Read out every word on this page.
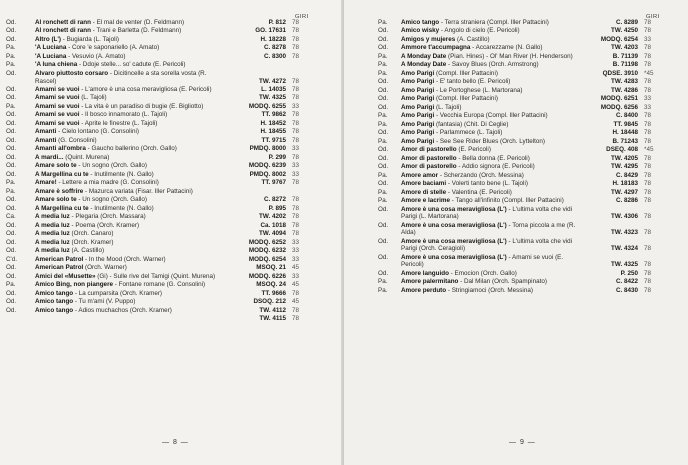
GIRI
Od.	Al ronchett di rann - El mal de venter (D. Feldmann)	P. 812 78
Od.	Al ronchett di rann - Trani e Barletta (D. Feldmann)	GO. 17631 78
Od.	Altro (L') - Bugiarda (L. Tajoli)	H. 18228 78
Pa.	'A Luciana - Core 'e saponariello (A. Amato)	C. 8278 78
Pa.	'A Luciana - Vesuvio (A. Amato)	C. 8300 78
Pa.	'A luna chiena - Ddoje stelle... so' cadute (E. Pericoli)
Od.	Alvaro piuttosto corsaro - Dicitincelle a sta sorella vosta (R. Rascel)	TW. 4272 78
Od.	Amami se vuoi - L'amore è una cosa meravigliosa (E. Pericoli)	L. 14035 78
Od.	Amami se vuoi (L. Tajoli)	TW. 4325 78
Pa.	Amami se vuoi - La vita è un paradiso di bugie (E. Bigliotto)	MODQ. 6255 33
Od.	Amami se vuoi - Il bosco innamorato (L. Tajoli)	TT. 9862 78
Od.	Amami se vuoi - Aprite le finestre (L. Tajoli)	H. 18452 78
Od.	Amanti - Cielo lontano (G. Consolini)	H. 18455 78
Od.	Amanti (G. Consolini)	TT. 9715 78
Od.	Amanti all'ombra - Gaucho ballerino (Orch. Gallo)	PMDQ. 8000 33
Od.	A mardi... (Quint. Murena)	P. 299 78
Od.	Amare solo te - Un sogno (Orch. Gallo)	MODQ. 6239 33
Od.	A Margellina cu te - Inutilmente (N. Gallo)	PMDQ. 8002 33
Pa.	Amare! - Lettere a mia madre (G. Consolini)	TT. 9767 78
Pa.	Amare è soffrire - Mazurca variata (Fisar. Iller Pattacini)
Od.	Amare solo te - Un sogno (Orch. Gallo)	C. 8272 78
Od.	A Margellina cu te - Inutilmente (N. Gallo)	P. 895 78
Ca.	A media luz - Plegaria (Orch. Massara)	TW. 4202 78
Od.	A media luz - Poema (Orch. Kramer)	Ca. 1018 78
Od.	A media luz (Orch. Canaro)	TW. 4094 78
Od.	A media luz (Orch. Kramer)	MODQ. 6252 33
Od.	A media luz (A. Castillo)	MODQ. 6232 33
C'd.	American Patrol - In the Mood (Orch. Warner)	MODQ. 6254 33
Od.	American Patrol (Orch. Warner)	MSOQ. 21 45
Od.	Amici del «Musette» (Gi) - Sulle rive del Tamigi (Quint. Murena)	MODQ. 6226 33
Pa.	Amico Bing, non piangere - Fontane romane (G. Consolini)	MSOQ. 24 45
Od.	Amico tango - La cumparsita (Orch. Kramer)	TT. 9666 78
Od.	Amico tango - Tu m'ami (V. Puppo)	DSOQ. 212 45
Od.	Amico tango - Adios muchachos (Orch. Kramer)	TW. 4112 78
TW. 4115 78
— 8 —
GIRI
Pa. Amico tango - Terra straniera (Compl. Iller Pattacini)	C. 8289 78
Od. Amico wisky - Angolo di cielo (E. Pericoli)	TW. 4250 78
Od. Amigos y mujeres (A. Castillo)	MODQ. 6254 33
Od. Ammore t'accumpagna - Accarezzame (N. Gallo)	TW. 4203 78
Pa. A Monday Date (Pian. Hines) - Ol' Man River (H. Henderson)	B. 71139 78
Pa. A Monday Date - Savoy Blues (Orch. Armstrong)	B. 71198 78
Pa. Amo Parigi (Compl. Iller Pattacini)	QDSE. 3910 *45
Od. Amo Parigi - E' tanto bello (E. Pericoli)	TW. 4283 78
Od. Amo Parigi - Le Portoghese (L. Martorana)	TW. 4286 78
Od. Amo Parigi (Compl. Iller Pattacini)	MODQ. 6251 33
Od. Amo Parigi (L. Tajoli)	MODQ. 6256 33
Pa. Amo Parigi - Vecchia Europa (Compl. Iller Pattacini)	C. 8400 78
Pa. Amo Parigi (fantasia) (Chit. Di Ceglie)	TT. 9845 78
Od. Amo Parigi - Parlammece (L. Tajoli)	H. 18448 78
Pa. Amo Parigi - See See Rider Blues (Orch. Lyttelton)	B. 71243 78
Od. Amor di pastorello (E. Pericoli)	DSEQ. 408 *45
Od. Amor di pastorello - Bella donna (E. Pericoli)	TW. 4205 78
Od. Amor di pastorello - Addio signora (E. Pericoli)	TW. 4295 78
Pa. Amore amor - Scherzando (Orch. Messina)	C. 8429 78
Od. Amore baciami - Volerti tanto bene (L. Tajoli)	H. 18183 78
Pa. Amore di stelle - Valentina (E. Pericoli)	TW. 4297 78
Pa. Amore e lacrime - Tango all'infinito (Compl. Iller Pattacini)	C. 8286 78
Od. Amore è una cosa meravigliosa (L') - L'ultima volta che vidi Parigi (L. Martorana)	TW. 4306 78
Od. Amore è una cosa meravigliosa (L') - Torna piccola a me (R. Alda)	TW. 4323 78
Od. Amore è una cosa meravigliosa (L') - L'ultima volta che vidi Parigi (Orch. Ceragioli)	TW. 4324 78
Od. Amore è una cosa meravigliosa (L') - Amami se vuoi (E. Pericoli)	TW. 4325 78
Od. Amore languido - Emocion (Orch. Gallo)	P. 250 78
Pa. Amore palermitano - Dal Milan (Orch. Spampinato)	C. 8422 78
Pa. Amore perduto - Stringiamoci (Orch. Messina)	C. 8430 78
— 9 —
